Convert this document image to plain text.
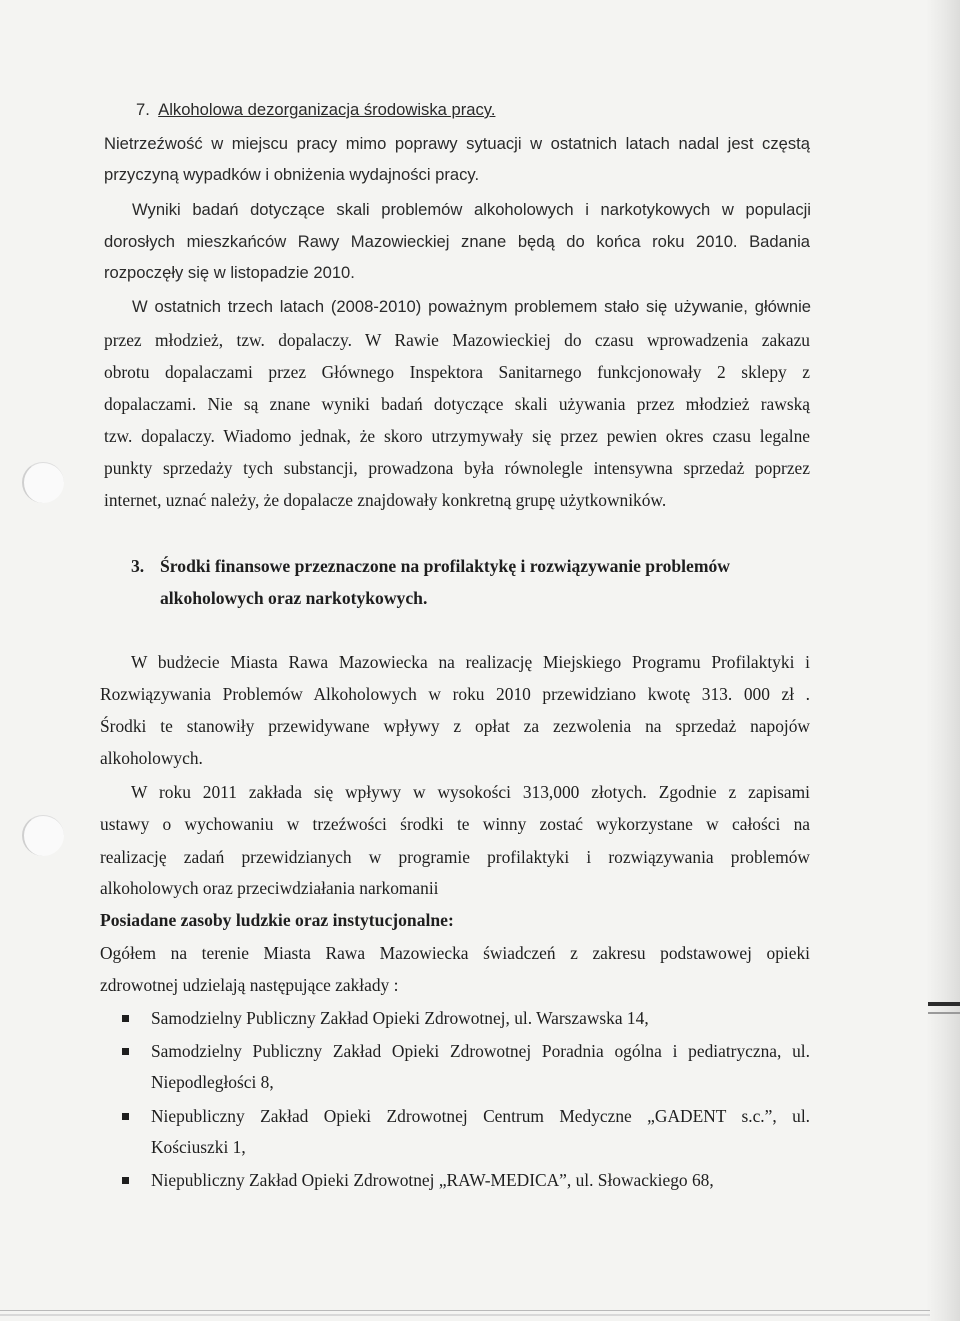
7. Alkoholowa dezorganizacja środowiska pracy.
Nietrzeźwość w miejscu pracy mimo poprawy sytuacji w ostatnich latach nadal jest częstą
przyczyną wypadków i obniżenia wydajności pracy.
Wyniki badań dotyczące skali problemów alkoholowych i narkotykowych w populacji
dorosłych mieszkańców Rawy Mazowieckiej znane będą do końca roku 2010. Badania
rozpoczęły się w listopadzie 2010.
W ostatnich trzech latach (2008-2010) poważnym problemem stało się używanie, głównie
przez młodzież, tzw. dopalaczy. W Rawie Mazowieckiej do czasu wprowadzenia zakazu
obrotu dopalaczami przez Głównego Inspektora Sanitarnego funkcjonowały 2 sklepy z
dopalaczami. Nie są znane wyniki badań dotyczące skali używania przez młodzież rawską
tzw. dopalaczy. Wiadomo jednak, że skoro utrzymywały się przez pewien okres czasu legalne
punkty sprzedaży tych substancji, prowadzona była równolegle intensywna sprzedaż poprzez
internet, uznać należy, że dopalacze znajdowały konkretną grupę użytkowników.
3. Środki finansowe przeznaczone na profilaktykę i rozwiązywanie problemów
alkoholowych oraz narkotykowych.
W budżecie Miasta Rawa Mazowiecka na realizację Miejskiego Programu Profilaktyki i
Rozwiązywania Problemów Alkoholowych w roku 2010 przewidziano kwotę 313. 000 zł .
Środki te stanowiły przewidywane wpływy z opłat za zezwolenia na sprzedaż napojów
alkoholowych.
W roku 2011 zakłada się wpływy w wysokości 313,000 złotych. Zgodnie z zapisami
ustawy o wychowaniu w trzeźwości środki te winny zostać wykorzystane w całości na
realizację zadań przewidzianych w programie profilaktyki i rozwiązywania problemów
alkoholowych oraz przeciwdziałania narkomanii
Posiadane zasoby ludzkie oraz instytucjonalne:
Ogółem na terenie Miasta Rawa Mazowiecka świadczeń z zakresu podstawowej opieki
zdrowotnej udzielają następujące zakłady :
Samodzielny Publiczny Zakład Opieki Zdrowotnej, ul. Warszawska 14,
Samodzielny Publiczny Zakład Opieki Zdrowotnej Poradnia ogólna i pediatryczna, ul.
Niepodległości 8,
Niepubliczny Zakład Opieki Zdrowotnej Centrum Medyczne „GADENT s.c.”, ul.
Kościuszki 1,
Niepubliczny Zakład Opieki Zdrowotnej „RAW-MEDICA”, ul. Słowackiego 68,
